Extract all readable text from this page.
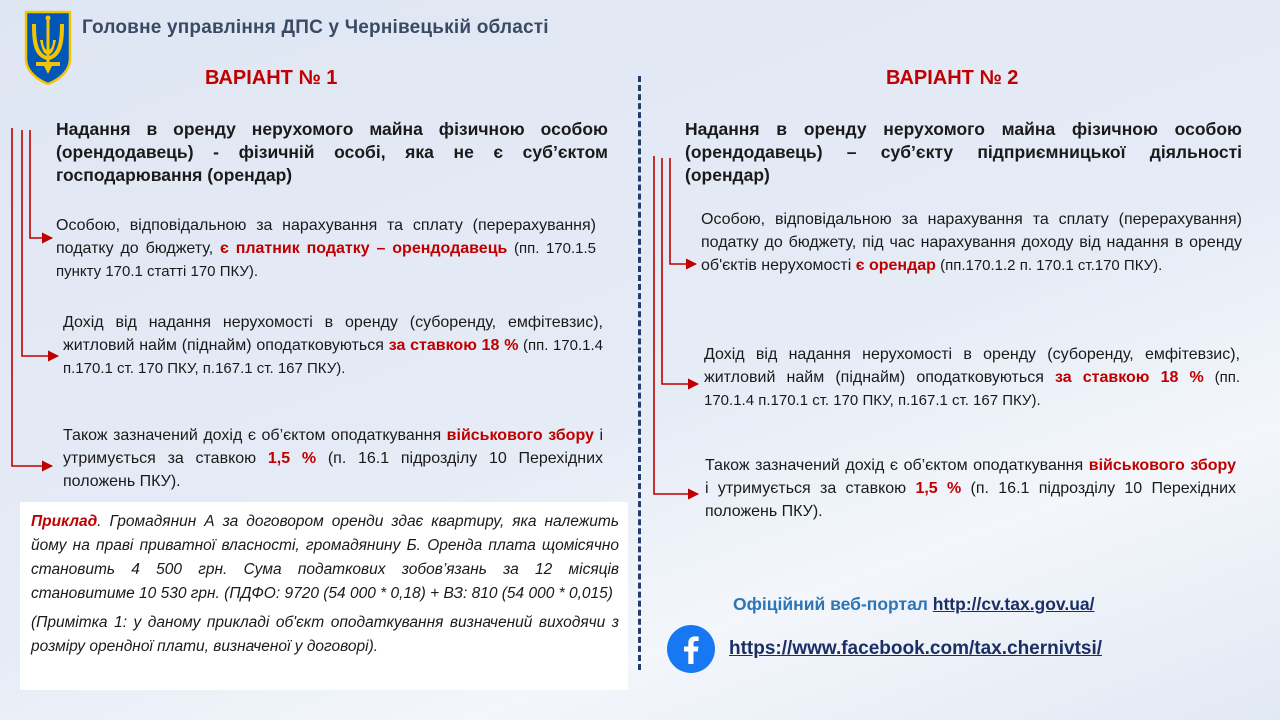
Головне управління ДПС у Чернівецькій області
ВАРІАНТ № 1
Надання в оренду нерухомого майна фізичною особою (орендодавець) - фізичній особі, яка не є суб’єктом господарювання (орендар)
Особою, відповідальною за нарахування та сплату (перерахування) податку до бюджету, є платник податку – орендодавець (пп. 170.1.5 пункту 170.1 статті 170 ПКУ).
Дохід від надання нерухомості в оренду (суборенду, емфітевзис), житловий найм (піднайм) оподатковуються за ставкою 18 % (пп. 170.1.4 п.170.1 ст. 170 ПКУ, п.167.1 ст. 167 ПКУ).
Також зазначений дохід є об’єктом оподаткування військового збору і утримується за ставкою 1,5 % (п. 16.1 підрозділу 10 Перехідних положень ПКУ).
ВАРІАНТ № 2
Надання в оренду нерухомого майна фізичною особою (орендодавець) – суб’єкту підприємницької діяльності (орендар)
Особою, відповідальною за нарахування та сплату (перерахування) податку до бюджету, під час нарахування доходу від надання в оренду об'єктів нерухомості є орендар (пп.170.1.2 п. 170.1 ст.170 ПКУ).
Дохід від надання нерухомості в оренду (суборенду, емфітевзис), житловий найм (піднайм) оподатковуються за ставкою 18 % (пп. 170.1.4 п.170.1 ст. 170 ПКУ, п.167.1 ст. 167 ПКУ).
Також зазначений дохід є об’єктом оподаткування військового збору і утримується за ставкою 1,5 % (п. 16.1 підрозділу 10 Перехідних положень ПКУ).

Приклад. Громадянин А за договором оренди здає квартиру, яка належить йому на праві приватної власності, громадянину Б. Оренда плата щомісячно становить 4 500 грн. Сума податкових зобов’язань за 12 місяців становитиме 10 530 грн. (ПДФО: 9720 (54 000 * 0,18) + ВЗ: 810 (54 000 * 0,015)

(Примітка 1: у даному прикладі об'єкт оподаткування визначений виходячи з розміру орендної плати, визначеної у договорі).

Офіційний веб-портал http://cv.tax.gov.ua/
https://www.facebook.com/tax.chernivtsi/
